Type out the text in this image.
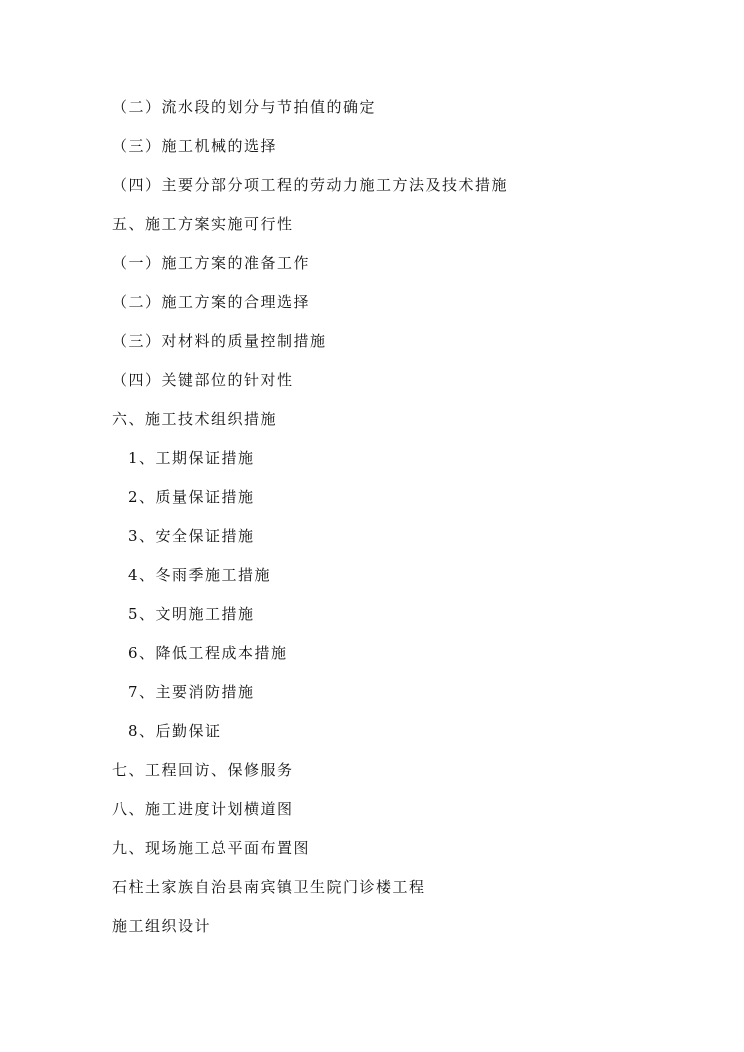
（二）流水段的划分与节拍值的确定
（三）施工机械的选择
（四）主要分部分项工程的劳动力施工方法及技术措施
五、施工方案实施可行性
（一）施工方案的准备工作
（二）施工方案的合理选择
（三）对材料的质量控制措施
（四）关键部位的针对性
六、施工技术组织措施
1、工期保证措施
2、质量保证措施
3、安全保证措施
4、冬雨季施工措施
5、文明施工措施
6、降低工程成本措施
7、主要消防措施
8、后勤保证
七、工程回访、保修服务
八、施工进度计划横道图
九、现场施工总平面布置图
石柱土家族自治县南宾镇卫生院门诊楼工程
施工组织设计
